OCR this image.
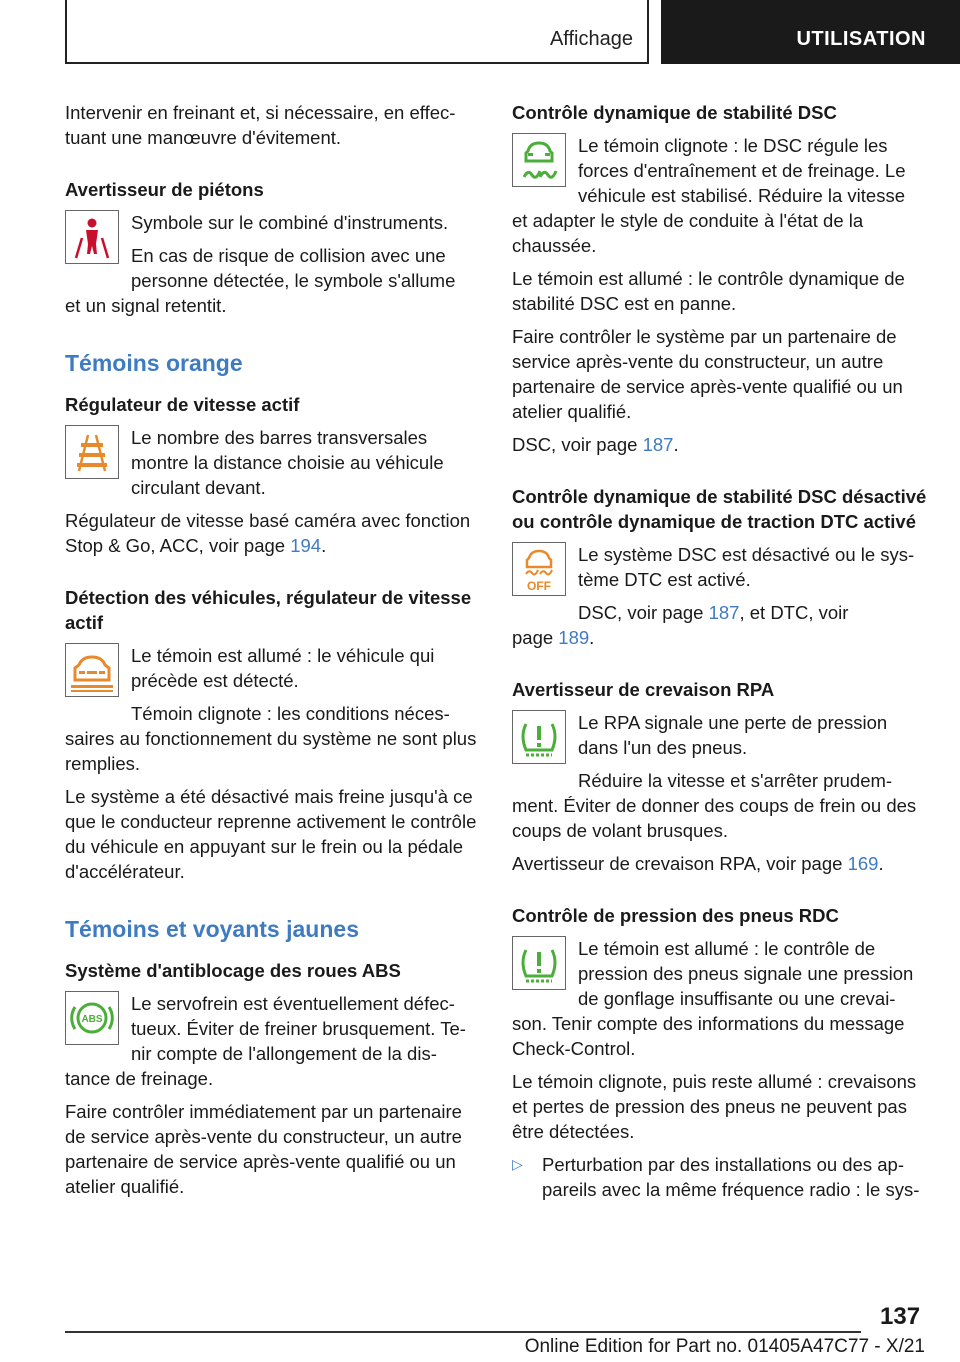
Affichage	UTILISATION

Intervenir en freinant et, si nécessaire, en effec-tuant une manœuvre d'évitement.

Avertisseur de piétons

Symbole sur le combiné d'instruments.

En cas de risque de collision avec une personne détectée, le symbole s'allume

et un signal retentit.

Témoins orange
Régulateur de vitesse actif

Le nombre des barres transversales montre la distance choisie au véhicule circulant devant.

Régulateur de vitesse basé caméra avec fonction Stop & Go, ACC, voir page 194.

Détection des véhicules, régulateur de vitesse actif

Le témoin est allumé : le véhicule qui précède est détecté.

Témoin clignote : les conditions néces-

saires au fonctionnement du système ne sont plus remplies.

Le système a été désactivé mais freine jusqu'à ce que le conducteur reprenne activement le contrôle du véhicule en appuyant sur le frein ou la pédale d'accélérateur.

Témoins et voyants jaunes
Système d'antiblocage des roues ABS
ABS

Le servofrein est éventuellement défec-tueux. Éviter de freiner brusquement. Te-nir compte de l'allongement de la dis-

tance de freinage.

Faire contrôler immédiatement par un partenaire de service après-vente du constructeur, un autre partenaire de service après-vente qualifié ou un atelier qualifié.

Contrôle dynamique de stabilité DSC

Le témoin clignote : le DSC régule les forces d'entraînement et de freinage. Le véhicule est stabilisé. Réduire la vitesse

et adapter le style de conduite à l'état de la chaussée.

Le témoin est allumé : le contrôle dynamique de stabilité DSC est en panne.

Faire contrôler le système par un partenaire de service après-vente du constructeur, un autre partenaire de service après-vente qualifié ou un atelier qualifié.

DSC, voir page 187.

Contrôle dynamique de stabilité DSC désactivé ou contrôle dynamique de traction DTC activé
OFF

Le système DSC est désactivé ou le sys-tème DTC est activé.

DSC, voir page 187, et DTC, voir

page 189.

Avertisseur de crevaison RPA

Le RPA signale une perte de pression dans l'un des pneus.

Réduire la vitesse et s'arrêter prudem-

ment. Éviter de donner des coups de frein ou des coups de volant brusques.

Avertisseur de crevaison RPA, voir page 169.

Contrôle de pression des pneus RDC

Le témoin est allumé : le contrôle de pression des pneus signale une pression de gonflage insuffisante ou une crevai-

son. Tenir compte des informations du message Check-Control.

Le témoin clignote, puis reste allumé : crevaisons et pertes de pression des pneus ne peuvent pas être détectées.

▷	Perturbation par des installations ou des ap-pareils avec la même fréquence radio : le sys-

137
Online Edition for Part no. 01405A47C77 - X/21
